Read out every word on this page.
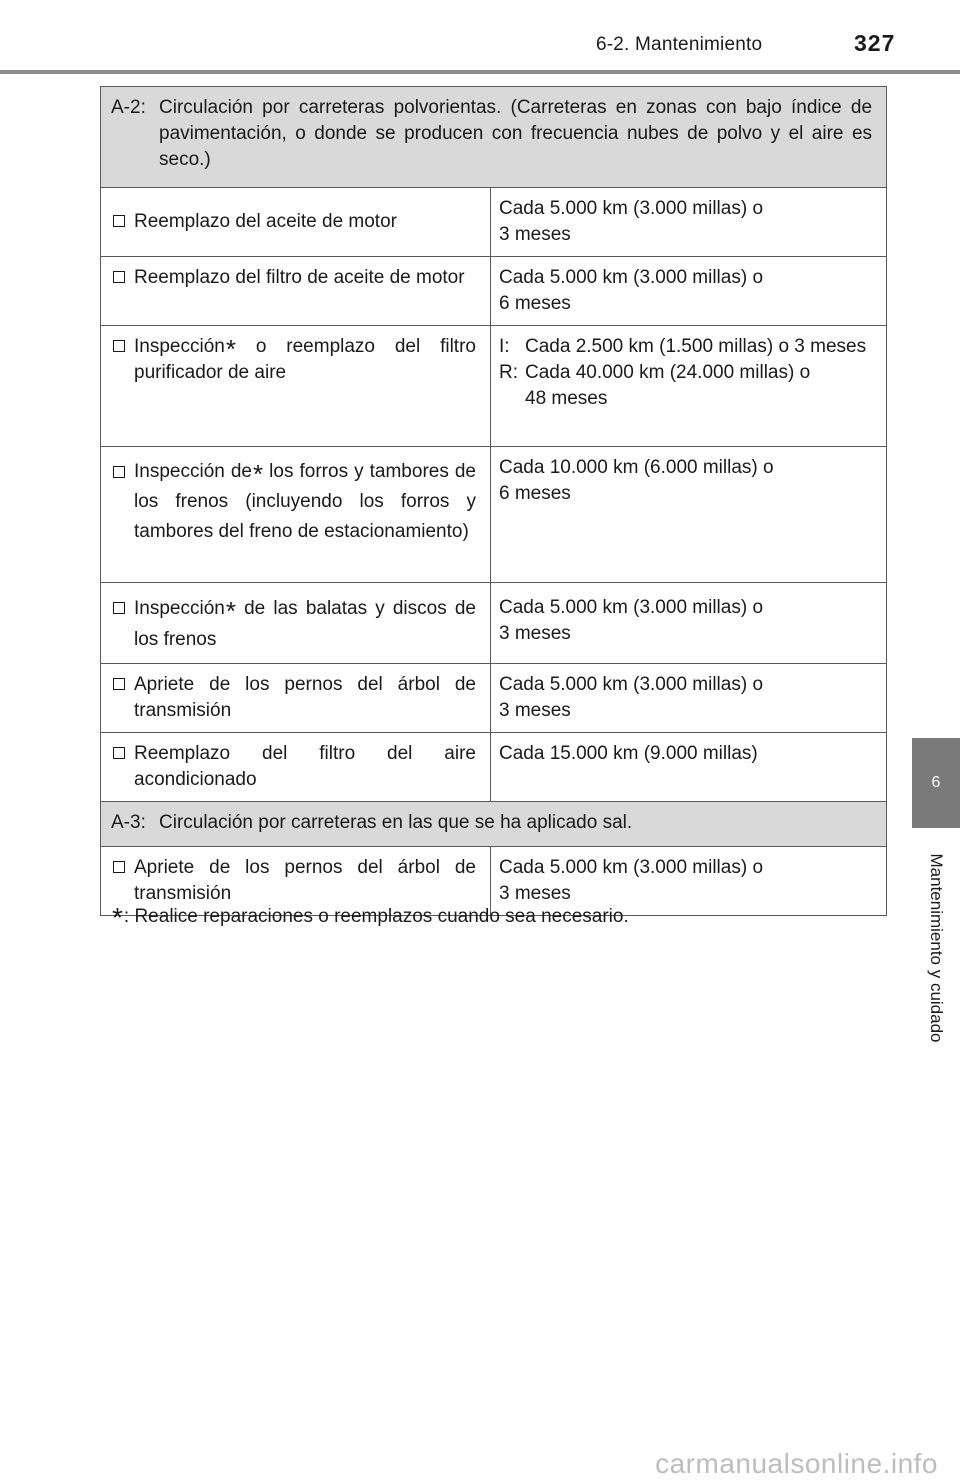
6-2. Mantenimiento	327
6
Mantenimiento y cuidado
A-2: Circulación por carreteras polvorientas. (Carreteras en zonas con bajo índice de pavimentación, o donde se producen con frecuencia nubes de polvo y el aire es seco.)	

Reemplazo del aceite de motor	Cada 5.000 km (3.000 millas) o
3 meses

Reemplazo del filtro de aceite de motor	Cada 5.000 km (3.000 millas) o
6 meses

Inspección* o reemplazo del filtro purificador de aire	I: Cada 2.500 km (1.500 millas) o 3 meses
R: Cada 40.000 km (24.000 millas) o 48 meses

Inspección de* los forros y tambores de los frenos (incluyendo los forros y tambores del freno de estacionamiento)	Cada 10.000 km (6.000 millas) o
6 meses

Inspección* de las balatas y discos de los frenos	Cada 5.000 km (3.000 millas) o
3 meses

Apriete de los pernos del árbol de transmisión	Cada 5.000 km (3.000 millas) o
3 meses

Reemplazo del filtro del aire acondicionado	Cada 15.000 km (9.000 millas)

A-3: Circulación por carreteras en las que se ha aplicado sal.	

Apriete de los pernos del árbol de transmisión	Cada 5.000 km (3.000 millas) o
3 meses
*: Realice reparaciones o reemplazos cuando sea necesario.
carmanualsonline.info
